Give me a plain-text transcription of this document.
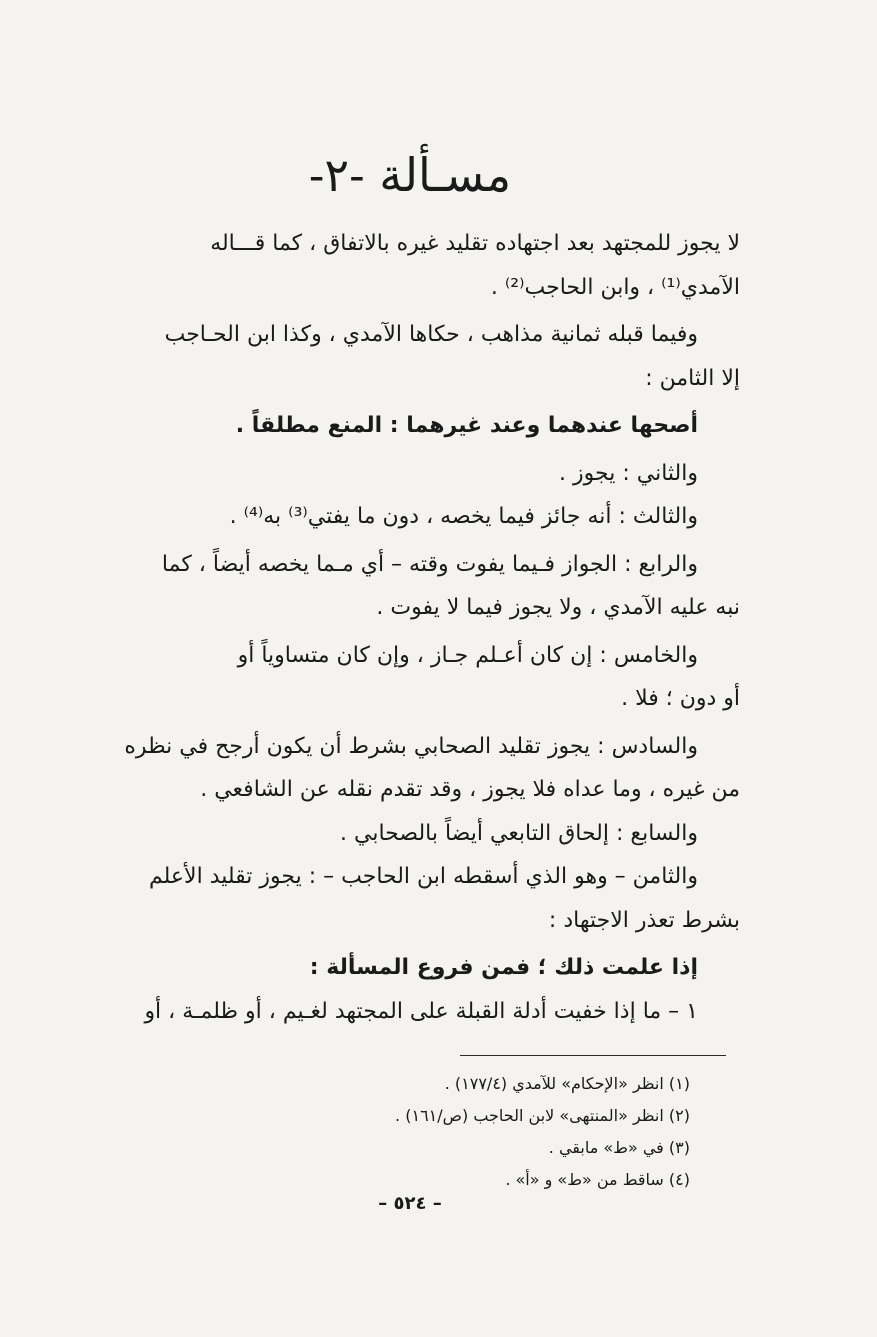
مسـألة -٢-
لا يجوز للمجتهد بعد اجتهاده تقليد غيره بالاتفاق ، كما قـــاله
الآمدي⁽¹⁾ ، وابن الحاجب⁽²⁾ .
وفيما قبله ثمانية مذاهب ، حكاها الآمدي ، وكذا ابن الحـاجب
إلا الثامن :
أصحها عندهما وعند غيرهما : المنع مطلقاً .
والثاني : يجوز .
والثالث : أنه جائز فيما يخصه ، دون ما يفتي⁽³⁾ به⁽⁴⁾ .
والرابع : الجواز فـيما يفوت وقته – أي مـما يخصه أيضاً ، كما
نبه عليه الآمدي ، ولا يجوز فيما لا يفوت .
والخامس : إن كان أعـلم جـاز ، وإن كان متساوياً أو
أو دون ؛ فلا .
والسادس : يجوز تقليد الصحابي بشرط أن يكون أرجح في نظره
من غيره ، وما عداه فلا يجوز ، وقد تقدم نقله عن الشافعي .
والسابع : إلحاق التابعي أيضاً بالصحابي .
والثامن – وهو الذي أسقطه ابن الحاجب – : يجوز تقليد الأعلم
بشرط تعذر الاجتهاد :
إذا علمت ذلك ؛ فمن فروع المسألة :
١ – ما إذا خفيت أدلة القبلة على المجتهد لغـيم ، أو ظلمـة ، أو
(١) انظر «الإحكام» للآمدي (١٧٧/٤) .
(٢) انظر «المنتهى» لابن الحاجب (ص/١٦١) .
(٣) في «ط» مابقي .
(٤) ساقط من «ط» و «أ» .
– ٥٢٤ –
